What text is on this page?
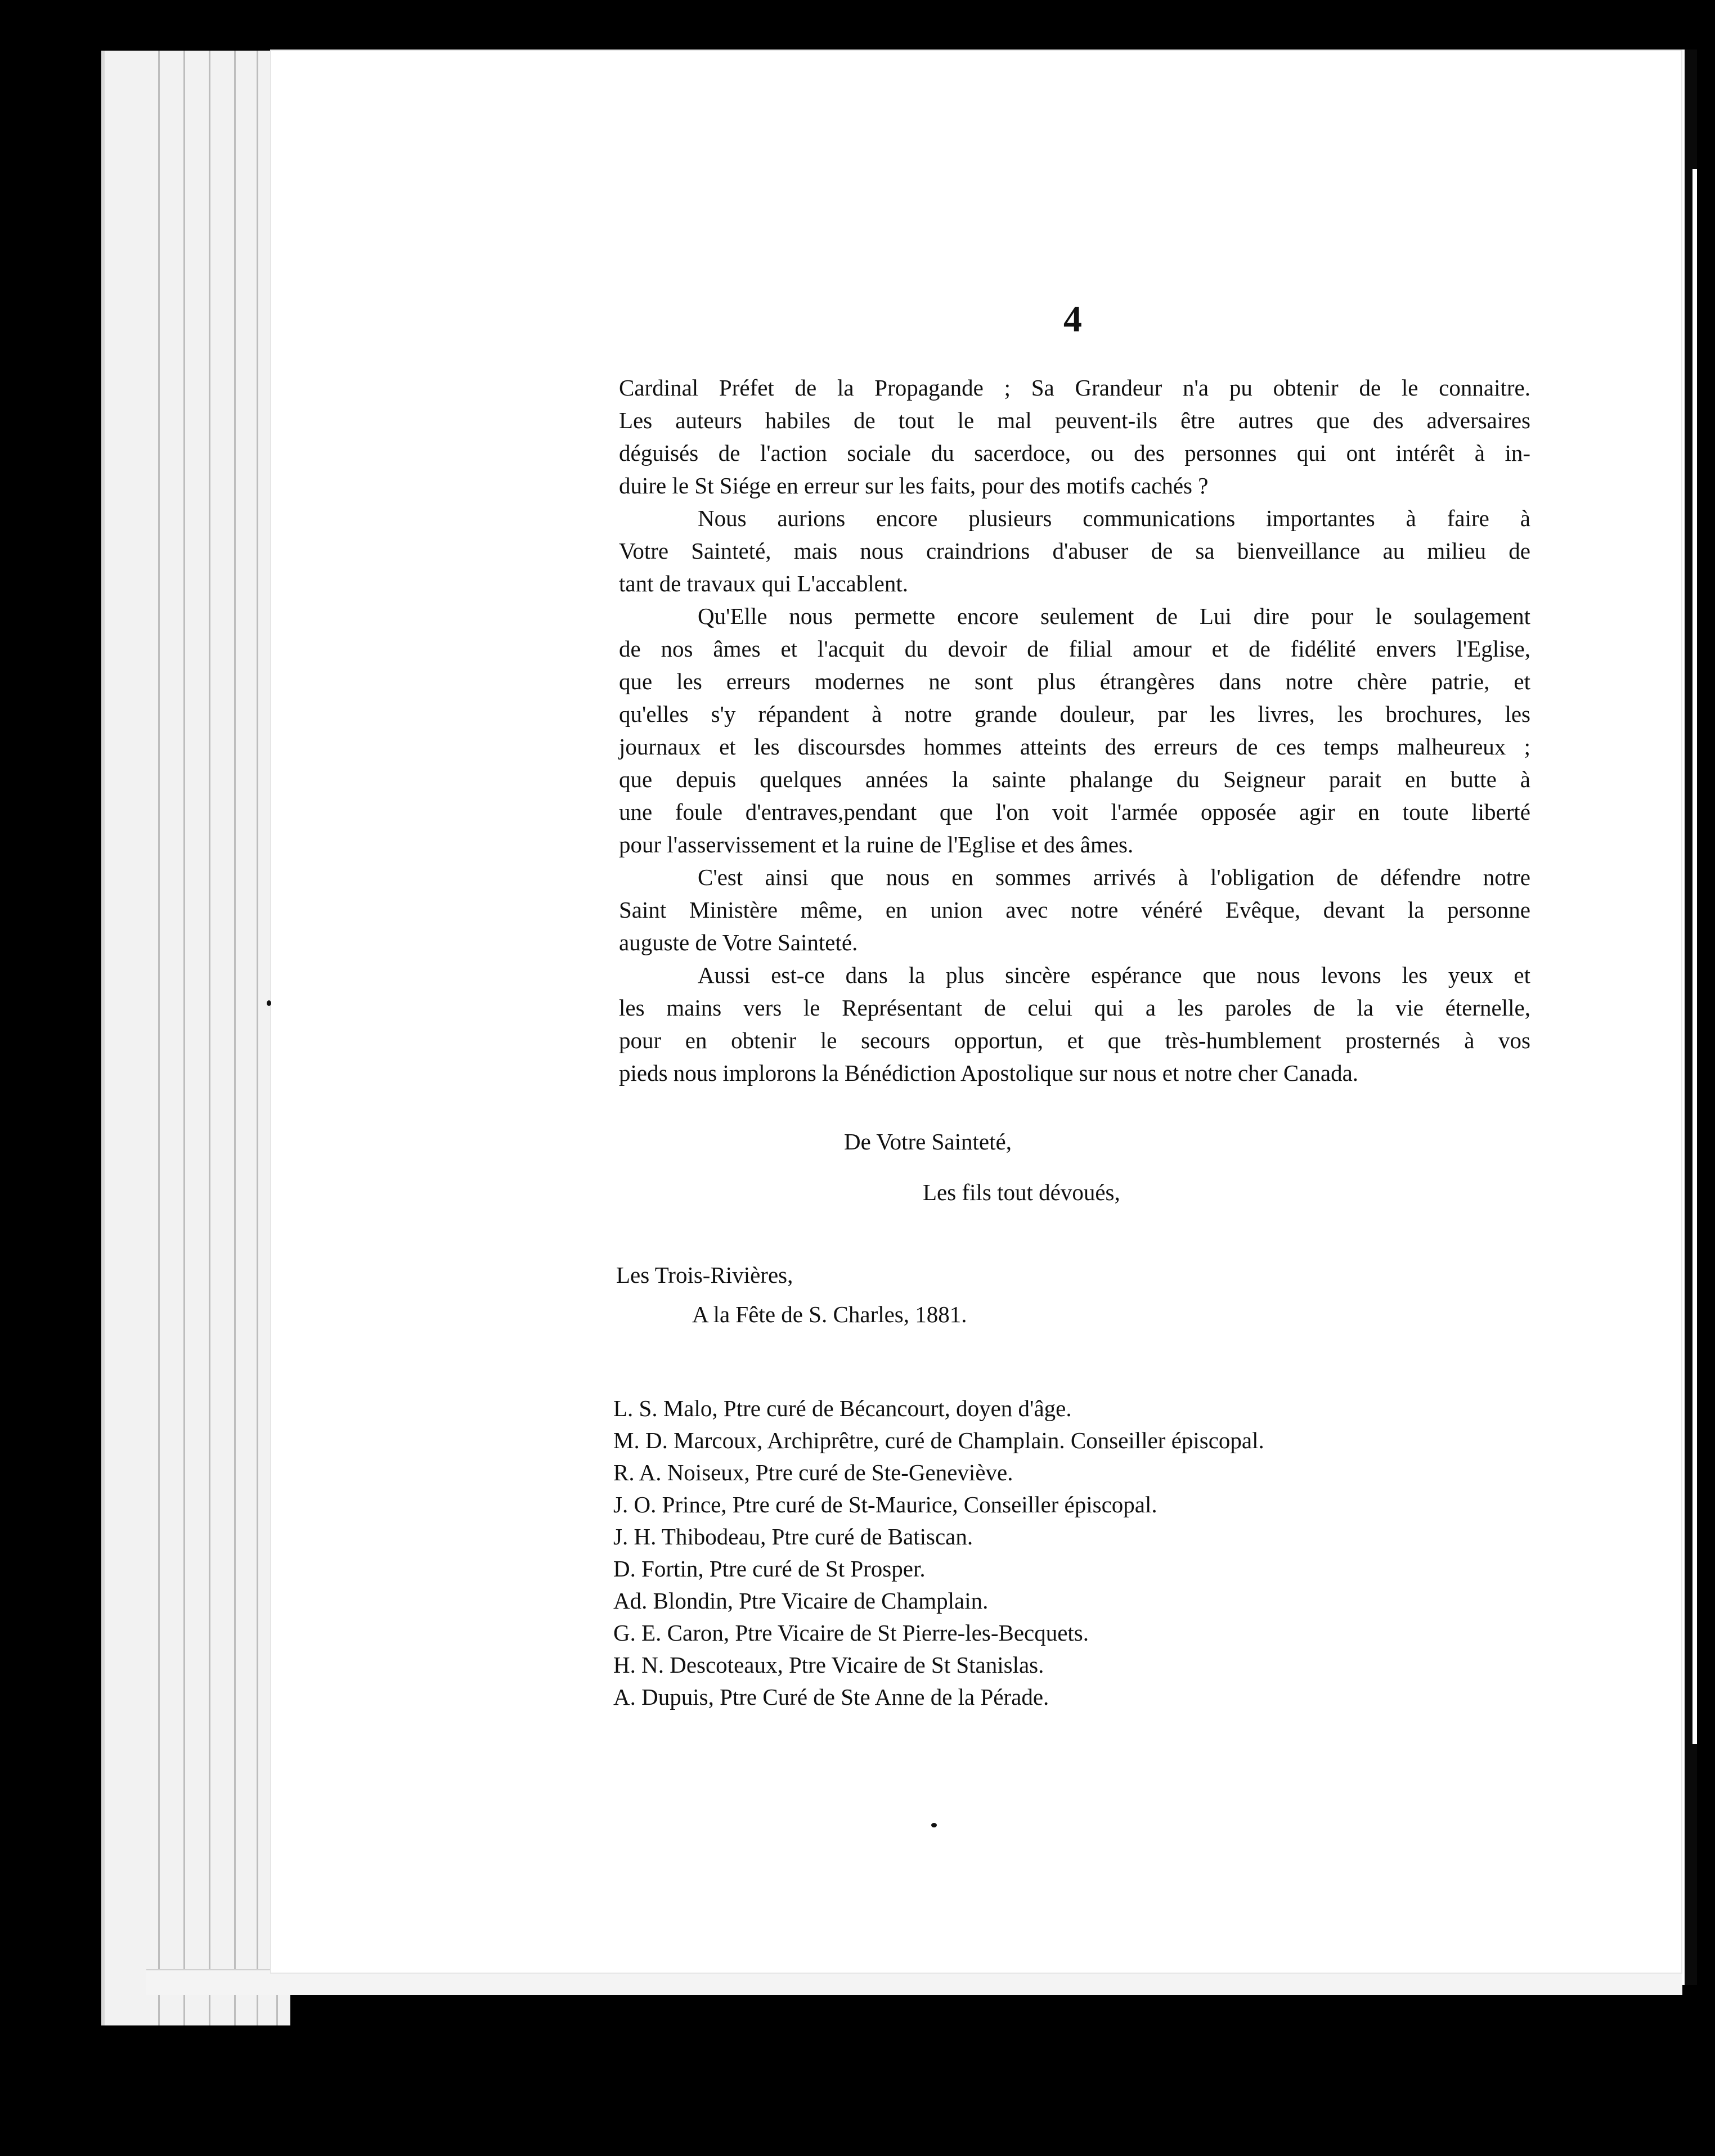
4
Cardinal Préfet de la Propagande ; Sa Grandeur n'a pu obtenir de le connaitre.
Les auteurs habiles de tout le mal peuvent-ils être autres que des adversaires
déguisés de l'action sociale du sacerdoce, ou des personnes qui ont intérêt à in-
duire le St Siége en erreur sur les faits, pour des motifs cachés ?
Nous aurions encore plusieurs communications importantes à faire à
Votre Sainteté, mais nous craindrions d'abuser de sa bienveillance au milieu de
tant de travaux qui L'accablent.
Qu'Elle nous permette encore seulement de Lui dire pour le soulagement
de nos âmes et l'acquit du devoir de filial amour et de fidélité envers l'Eglise,
que les erreurs modernes ne sont plus étrangères dans notre chère patrie, et
qu'elles s'y répandent à notre grande douleur, par les livres, les brochures, les
journaux et les discoursdes hommes atteints des erreurs de ces temps malheureux ;
que depuis quelques années la sainte phalange du Seigneur parait en butte à
une foule d'entraves,pendant que l'on voit l'armée opposée agir en toute liberté
pour l'asservissement et la ruine de l'Eglise et des âmes.
C'est ainsi que nous en sommes arrivés à l'obligation de défendre notre
Saint Ministère même, en union avec notre vénéré Evêque, devant la personne
auguste de Votre Sainteté.
Aussi est-ce dans la plus sincère espérance que nous levons les yeux et
les mains vers le Représentant de celui qui a les paroles de la vie éternelle,
pour en obtenir le secours opportun, et que très-humblement prosternés à vos
pieds nous implorons la Bénédiction Apostolique sur nous et notre cher Canada.
De Votre Sainteté,
Les fils tout dévoués,
Les Trois-Rivières,
A la Fête de S. Charles, 1881.
L. S. Malo, Ptre curé de Bécancourt, doyen d'âge.
M. D. Marcoux, Archiprêtre, curé de Champlain. Conseiller épiscopal.
R. A. Noiseux, Ptre curé de Ste-Geneviève.
J. O. Prince, Ptre curé de St-Maurice, Conseiller épiscopal.
J. H. Thibodeau, Ptre curé de Batiscan.
D. Fortin, Ptre curé de St Prosper.
Ad. Blondin, Ptre Vicaire de Champlain.
G. E. Caron, Ptre Vicaire de St Pierre-les-Becquets.
H. N. Descoteaux, Ptre Vicaire de St Stanislas.
A. Dupuis, Ptre Curé de Ste Anne de la Pérade.
